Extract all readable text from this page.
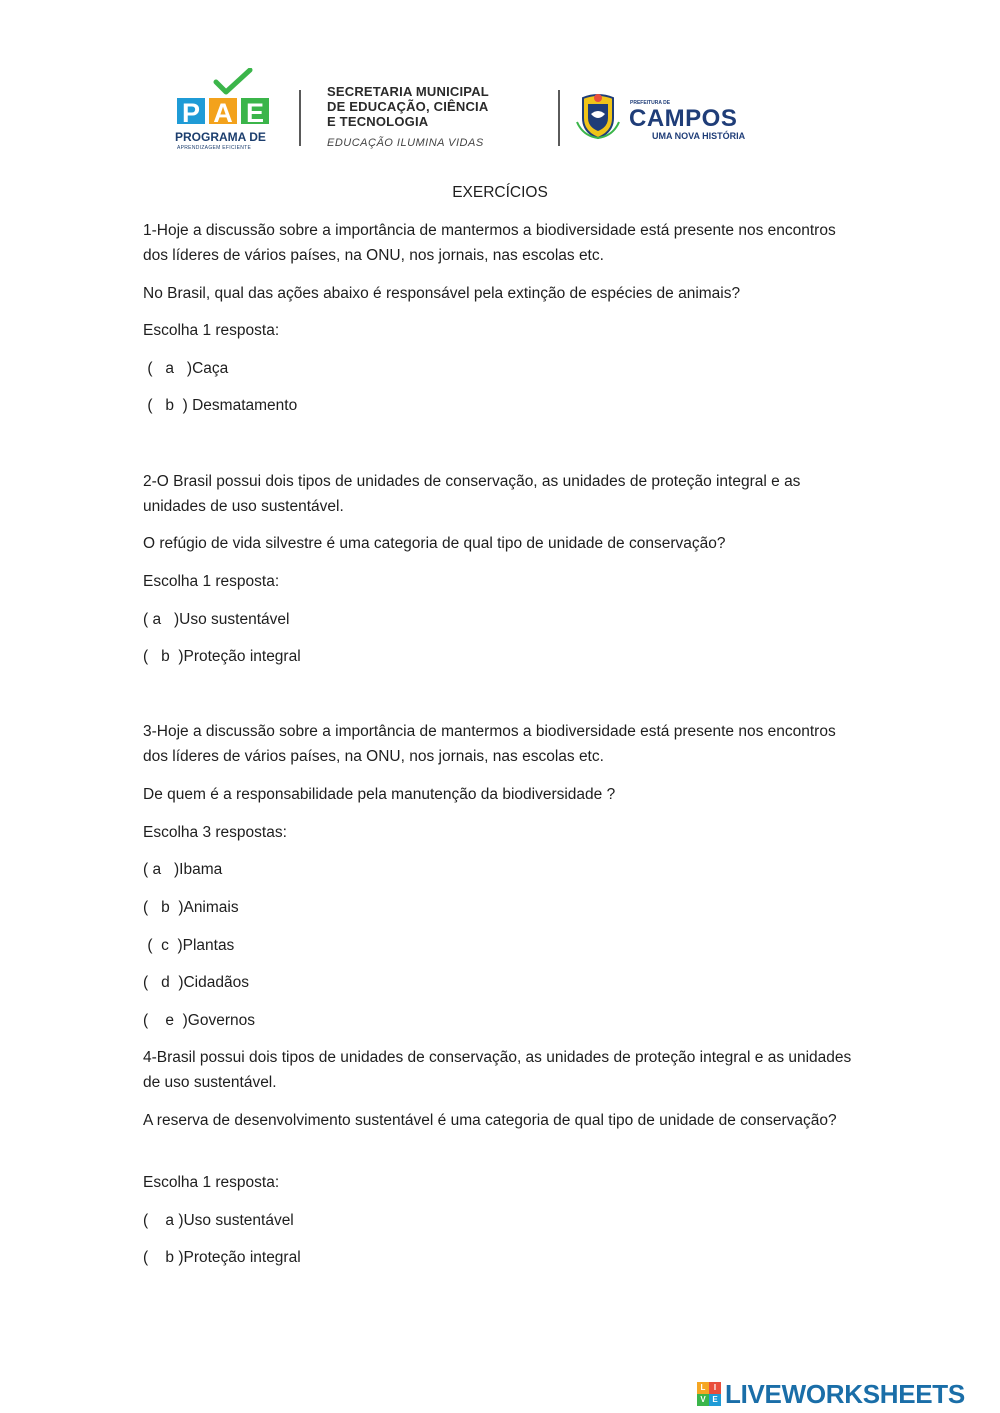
P A E
PROGRAMA DE
APRENDIZAGEM EFICIENTE
SECRETARIA MUNICIPAL
DE EDUCAÇÃO, CIÊNCIA
E TECNOLOGIA
EDUCAÇÃO ILUMINA VIDAS
PREFEITURA DE
CAMPOS
UMA NOVA HISTÓRIA
EXERCÍCIOS

1-Hoje a discussão sobre a importância de mantermos a biodiversidade está presente nos encontros dos líderes de vários países, na ONU, nos jornais, nas escolas etc.

No Brasil, qual das ações abaixo é responsável pela extinção de espécies de animais?

Escolha 1 resposta:

(   a   )Caça

(   b  ) Desmatamento

2-O Brasil possui dois tipos de unidades de conservação, as unidades de proteção integral e as unidades de uso sustentável.

O refúgio de vida silvestre é uma categoria de qual tipo de unidade de conservação?

Escolha 1 resposta:

( a   )Uso sustentável

(   b  )Proteção integral

3-Hoje a discussão sobre a importância de mantermos a biodiversidade está presente nos encontros dos líderes de vários países, na ONU, nos jornais, nas escolas etc.

De quem é a responsabilidade pela manutenção da biodiversidade ?

Escolha 3 respostas:

( a   )Ibama

(   b  )Animais

(  c  )Plantas

(   d  )Cidadãos

(    e  )Governos

4-Brasil possui dois tipos de unidades de conservação, as unidades de proteção integral e as unidades de uso sustentável.

A reserva de desenvolvimento sustentável é uma categoria de qual tipo de unidade de conservação?

Escolha 1 resposta:

(    a )Uso sustentável

(    b )Proteção integral

L	I
V E LIVEWORKSHEETS
